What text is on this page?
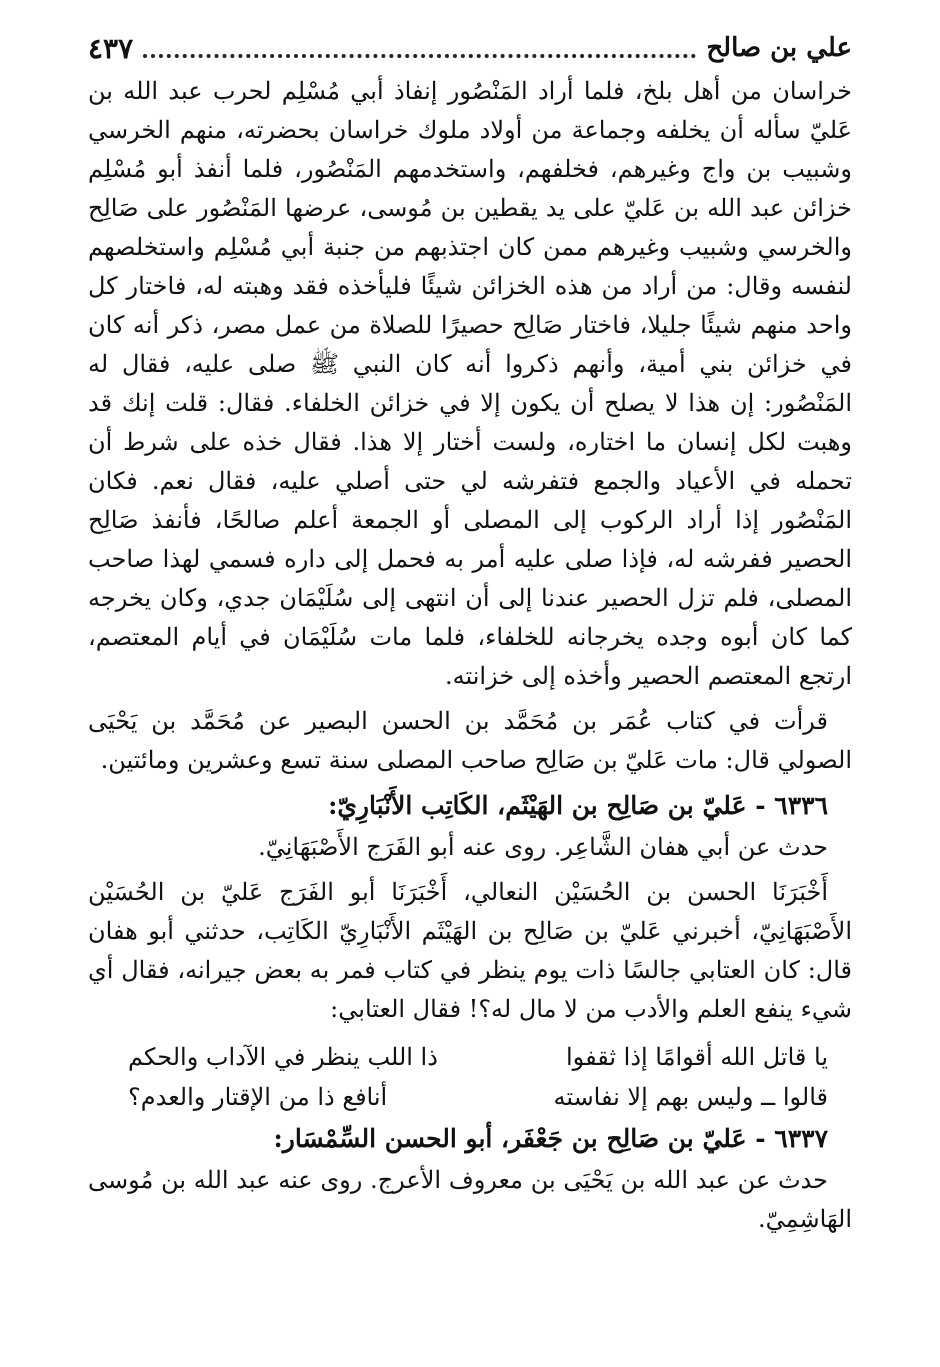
علي بن صالح
٤٣٧

خراسان من أهل بلخ، فلما أراد المَنْصُور إنفاذ أبي مُسْلِم لحرب عبد الله بن عَليّ سأله أن يخلفه وجماعة من أولاد ملوك خراسان بحضرته، منهم الخرسي وشبيب بن واج وغيرهم، فخلفهم، واستخدمهم المَنْصُور، فلما أنفذ أبو مُسْلِم خزائن عبد الله بن عَليّ على يد يقطين بن مُوسى، عرضها المَنْصُور على صَالِح والخرسي وشبيب وغيرهم ممن كان اجتذبهم من جنبة أبي مُسْلِم واستخلصهم لنفسه وقال: من أراد من هذه الخزائن شيئًا فليأخذه فقد وهبته له، فاختار كل واحد منهم شيئًا جليلا، فاختار صَالِح حصيرًا للصلاة من عمل مصر، ذكر أنه كان في خزائن بني أمية، وأنهم ذكروا أنه كان النبي ﷺ صلى عليه، فقال له المَنْصُور: إن هذا لا يصلح أن يكون إلا في خزائن الخلفاء. فقال: قلت إنك قد وهبت لكل إنسان ما اختاره، ولست أختار إلا هذا. فقال خذه على شرط أن تحمله في الأعياد والجمع فتفرشه لي حتى أصلي عليه، فقال نعم. فكان المَنْصُور إذا أراد الركوب إلى المصلى أو الجمعة أعلم صالحًا، فأنفذ صَالِح الحصير ففرشه له، فإذا صلى عليه أمر به فحمل إلى داره فسمي لهذا صاحب المصلى، فلم تزل الحصير عندنا إلى أن انتهى إلى سُلَيْمَان جدي، وكان يخرجه كما كان أبوه وجده يخرجانه للخلفاء، فلما مات سُلَيْمَان في أيام المعتصم، ارتجع المعتصم الحصير وأخذه إلى خزانته.

قرأت في كتاب عُمَر بن مُحَمَّد بن الحسن البصير عن مُحَمَّد بن يَحْيَى الصولي قال: مات عَليّ بن صَالِح صاحب المصلى سنة تسع وعشرين ومائتين.

٦٣٣٦ - عَليّ بن صَالِح بن الهَيْثَم، الكَاتِب الأَنْبَارِيّ:

حدث عن أبي هفان الشَّاعِر. روى عنه أبو الفَرَج الأَصْبَهَانِيّ.

أَخْبَرَنَا الحسن بن الحُسَيْن النعالي، أَخْبَرَنَا أبو الفَرَج عَليّ بن الحُسَيْن الأَصْبَهَانِيّ، أخبرني عَليّ بن صَالِح بن الهَيْثَم الأَنْبَارِيّ الكَاتِب، حدثني أبو هفان قال: كان العتابي جالسًا ذات يوم ينظر في كتاب فمر به بعض جيرانه، فقال أي شيء ينفع العلم والأدب من لا مال له؟! فقال العتابي:

يا قاتل الله أقوامًا إذا ثقفوا
ذا اللب ينظر في الآداب والحكم
قالوا ــ وليس بهم إلا نفاسته
أنافع ذا من الإقتار والعدم؟

٦٣٣٧ - عَليّ بن صَالِح بن جَعْفَر، أبو الحسن السِّمْسَار:

حدث عن عبد الله بن يَحْيَى بن معروف الأعرج. روى عنه عبد الله بن مُوسى الهَاشِمِيّ.
